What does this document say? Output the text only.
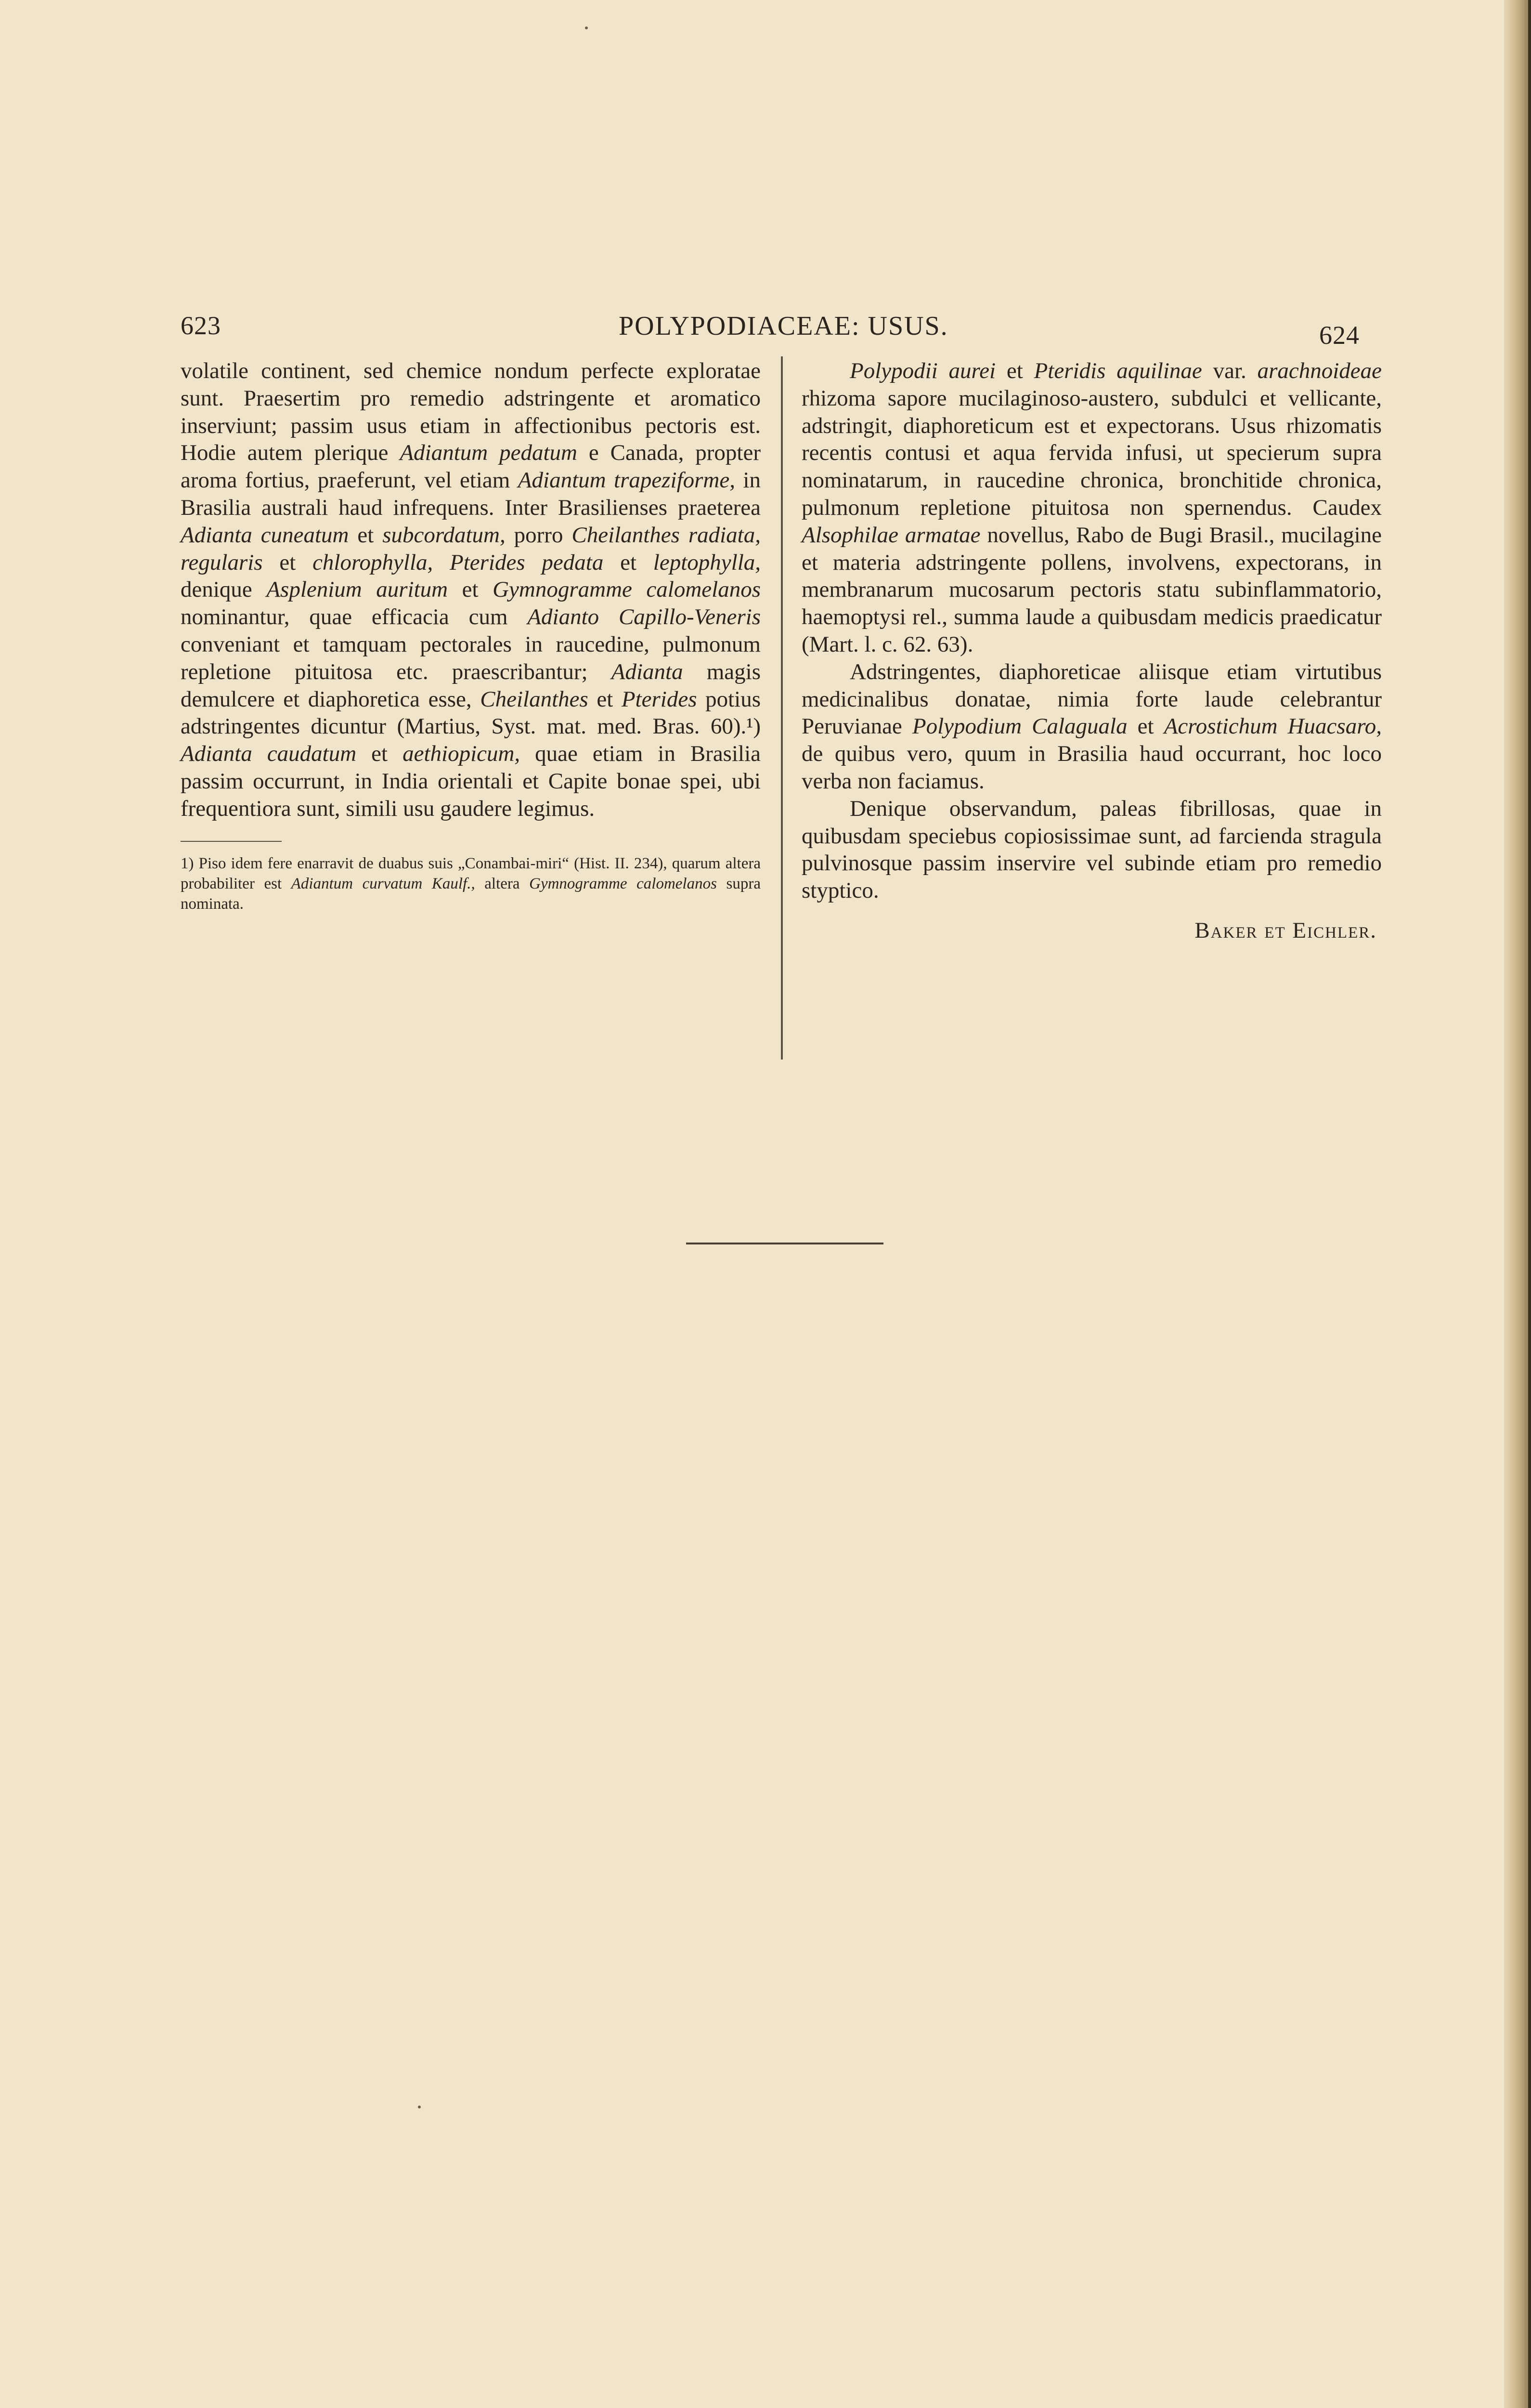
623	POLYPODIACEAE: USUS.	624

volatile continent, sed chemice nondum perfecte exploratae sunt. Praesertim pro remedio adstringente et aromatico inserviunt; passim usus etiam in affectionibus pectoris est. Hodie autem plerique Adiantum pedatum e Canada, propter aroma fortius, praeferunt, vel etiam Adiantum trapeziforme, in Brasilia australi haud infrequens. Inter Brasilienses praeterea Adianta cuneatum et subcordatum, porro Cheilanthes radiata, regularis et chlorophylla, Pterides pedata et leptophylla, denique Asplenium auritum et Gymnogramme calomelanos nominantur, quae efficacia cum Adianto Capillo-Veneris conveniant et tamquam pectorales in raucedine, pulmonum repletione pituitosa etc. praescribantur; Adianta magis demulcere et diaphoretica esse, Cheilanthes et Pterides potius adstringentes dicuntur (Martius, Syst. mat. med. Bras. 60).¹) Adianta caudatum et aethiopicum, quae etiam in Brasilia passim occurrunt, in India orientali et Capite bonae spei, ubi frequentiora sunt, simili usu gaudere legimus.

1) Piso idem fere enarravit de duabus suis „Conambai-miri“ (Hist. II. 234), quarum altera probabiliter est Adiantum curvatum Kaulf., altera Gymnogramme calomelanos supra nominata.

Polypodii aurei et Pteridis aquilinae var. arachnoideae rhizoma sapore mucilaginoso-austero, subdulci et vellicante, adstringit, diaphoreticum est et expectorans. Usus rhizomatis recentis contusi et aqua fervida infusi, ut specierum supra nominatarum, in raucedine chronica, bronchitide chronica, pulmonum repletione pituitosa non spernendus. Caudex Alsophilae armatae novellus, Rabo de Bugi Brasil., mucilagine et materia adstringente pollens, involvens, expectorans, in membranarum mucosarum pectoris statu subinflammatorio, haemoptysi rel., summa laude a quibusdam medicis praedicatur (Mart. l. c. 62. 63).

Adstringentes, diaphoreticae aliisque etiam virtutibus medicinalibus donatae, nimia forte laude celebrantur Peruvianae Polypodium Calaguala et Acrostichum Huacsaro, de quibus vero, quum in Brasilia haud occurrant, hoc loco verba non faciamus.

Denique observandum, paleas fibrillosas, quae in quibusdam speciebus copiosissimae sunt, ad farcienda stragula pulvinosque passim inservire vel subinde etiam pro remedio styptico.

Baker et Eichler.
